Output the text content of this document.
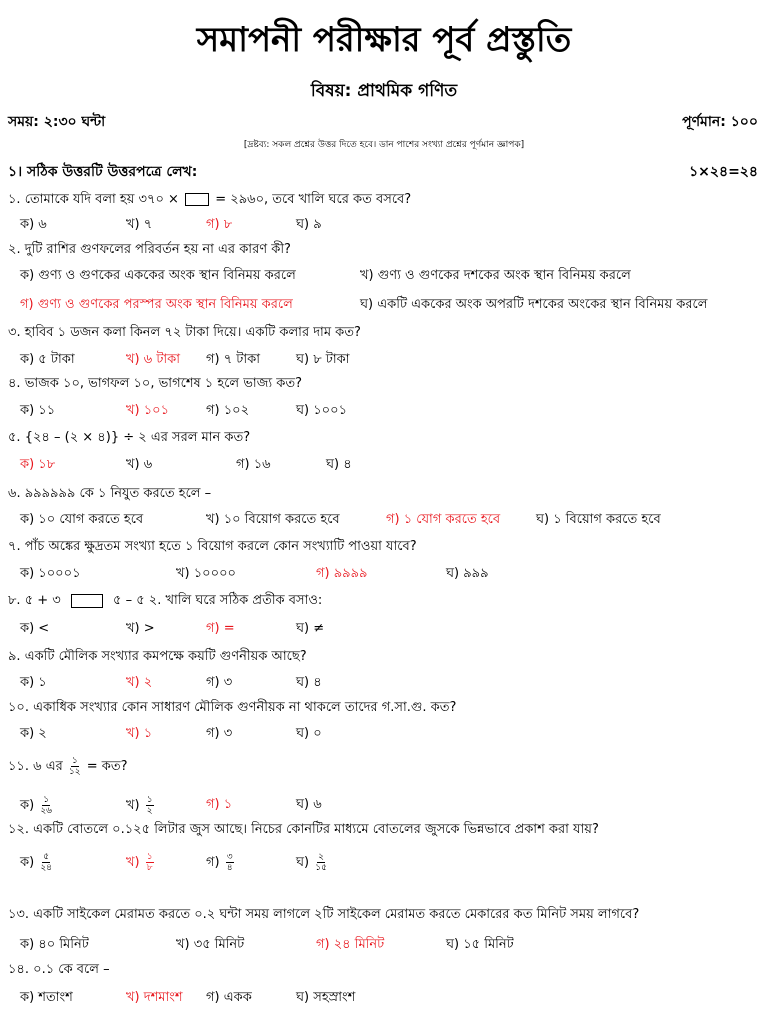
সমাপনী পরীক্ষার পূর্ব প্রস্তুতি
বিষয়: প্রাথমিক গণিত
সময়: ২:৩০ ঘন্টা	পূর্ণমান: ১০০
[দ্রষ্টব্য: সকল প্রশ্নের উত্তর দিতে হবে। ডান পাশের সংখ্যা প্রশ্নের পূর্ণমান জ্ঞাপক]
১। সঠিক উত্তরটি উত্তরপত্রে লেখ:	১×২৪=২৪
১. তোমাকে যদি বলা হয় ৩৭০ ×  = ২৯৬০, তবে খালি ঘরে কত বসবে?
ক) ৬	খ) ৭	গ) ৮	ঘ) ৯
২. দুটি রাশির গুণফলের পরিবর্তন হয় না এর কারণ কী?
ক) গুণ্য ও গুণকের এককের অংক স্থান বিনিময় করলে	খ) গুণ্য ও গুণকের দশকের অংক স্থান বিনিময় করলে
গ) গুণ্য ও গুণকের পরস্পর অংক স্থান বিনিময় করলে	ঘ) একটি এককের অংক অপরটি দশকের অংকের স্থান বিনিময় করলে
৩. হাবিব ১ ডজন কলা কিনল ৭২ টাকা দিয়ে। একটি কলার দাম কত?
ক) ৫ টাকা	খ) ৬ টাকা গ) ৭ টাকা	ঘ) ৮ টাকা
৪. ভাজক ১০, ভাগফল ১০, ভাগশেষ ১ হলে ভাজ্য কত?
ক) ১১	খ) ১০১	গ) ১০২	ঘ) ১০০১
৫. {২৪ – (২ × ৪)} ÷ ২ এর সরল মান কত?
ক) ১৮	খ) ৬	গ) ১৬	ঘ) ৪
৬. ৯৯৯৯৯৯ কে ১ নিযুত করতে হলে –
ক) ১০ যোগ করতে হবে	খ) ১০ বিয়োগ করতে হবে	গ) ১ যোগ করতে হবে	ঘ) ১ বিয়োগ করতে হবে
৭. পাঁচ অঙ্কের ক্ষুদ্রতম সংখ্যা হতে ১ বিয়োগ করলে কোন সংখ্যাটি পাওয়া যাবে?
ক) ১০০০১	খ) ১০০০০	গ) ৯৯৯৯	ঘ) ৯৯৯
৮. ৫ + ৩	৫ – ৫ ২. খালি ঘরে সঠিক প্রতীক বসাও:
ক) <	খ) >	গ) =	ঘ) ≠
৯. একটি মৌলিক সংখ্যার কমপক্ষে কয়টি গুণনীয়ক আছে?
ক) ১	খ) ২	গ) ৩	ঘ) ৪
১০. একাধিক সংখ্যার কোন সাধারণ মৌলিক গুণনীয়ক না থাকলে তাদের গ.সা.গু. কত?
ক) ২	খ) ১	গ) ৩	ঘ) ০
১১. ৬ এর $\frac{১}{১২}$ = কত?
ক) $\frac{১}{২৬}$	খ) $\frac{১}{২}$	গ) ১	ঘ) ৬
১২. একটি বোতলে ০.১২৫ লিটার জুস আছে। নিচের কোনটির মাধ্যমে বোতলের জুসকে ভিন্নভাবে প্রকাশ করা যায়?
ক) $\frac{৫}{২৪}$	খ) $\frac{১}{৮}$	গ) $\frac{৩}{৪}$	ঘ) $\frac{২}{১৫}$
১৩. একটি সাইকেল মেরামত করতে ০.২ ঘন্টা সময় লাগলে ২টি সাইকেল মেরামত করতে মেকারের কত মিনিট সময় লাগবে?
ক) ৪০ মিনিট	খ) ৩৫ মিনিট	গ) ২৪ মিনিট	ঘ) ১৫ মিনিট
১৪. ০.১ কে বলে –
ক) শতাংশ	খ) দশমাংশ গ) একক	ঘ) সহস্রাংশ
